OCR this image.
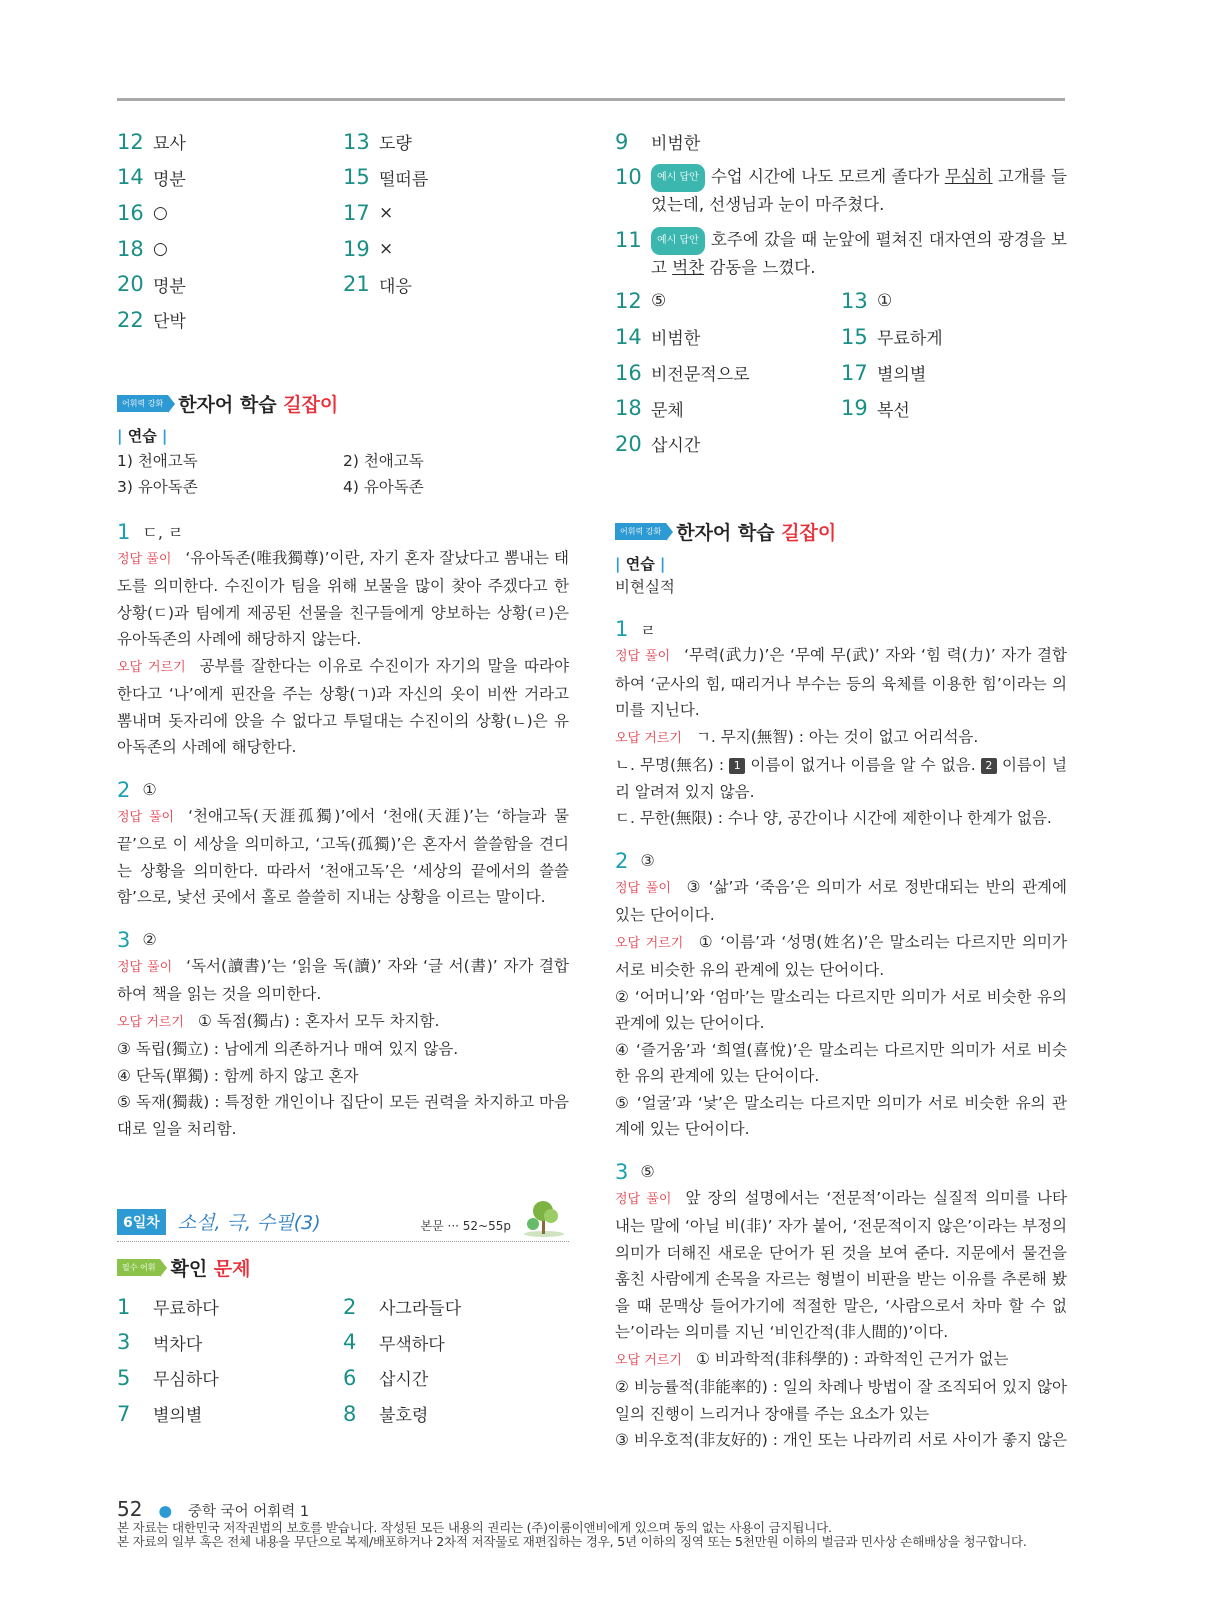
12 묘사	13 도량
14 명분	15 떨떠름
16 ○	17 ×
18 ○	19 ×
20 명분	21 대응
22 단박
어휘력 강화 한자어 학습 길잡이
| 연습 |
1) 천애고독	2) 천애고독
3) 유아독존	4) 유아독존
1 ㄷ, ㄹ
정답 풀이 ‘유아독존(唯我獨尊)’이란, 자기 혼자 잘났다고 뽐내는 태도를 의미한다. 수진이가 팀을 위해 보물을 많이 찾아 주겠다고 한 상황(ㄷ)과 팀에게 제공된 선물을 친구들에게 양보하는 상황(ㄹ)은 유아독존의 사례에 해당하지 않는다.
오답 거르기 공부를 잘한다는 이유로 수진이가 자기의 말을 따라야 한다고 ‘나’에게 핀잔을 주는 상황(ㄱ)과 자신의 옷이 비싼 거라고 뽐내며 돗자리에 앉을 수 없다고 투덜대는 수진이의 상황(ㄴ)은 유아독존의 사례에 해당한다.
2 ①
정답 풀이 ‘천애고독(天涯孤獨)’에서 ‘천애(天涯)’는 ‘하늘과 물끝’으로 이 세상을 의미하고, ‘고독(孤獨)’은 혼자서 쓸쓸함을 견디는 상황을 의미한다. 따라서 ‘천애고독’은 ‘세상의 끝에서의 쓸쓸함’으로, 낯선 곳에서 홀로 쓸쓸히 지내는 상황을 이르는 말이다.
3 ②
정답 풀이 ‘독서(讀書)’는 ‘읽을 독(讀)’ 자와 ‘글 서(書)’ 자가 결합하여 책을 읽는 것을 의미한다.
오답 거르기 ① 독점(獨占) : 혼자서 모두 차지함.
③ 독립(獨立) : 남에게 의존하거나 매여 있지 않음.
④ 단독(單獨) : 함께 하지 않고 혼자
⑤ 독재(獨裁) : 특정한 개인이나 집단이 모든 권력을 차지하고 마음대로 일을 처리함.
6일차 소설, 극, 수필(3)	본문 ··· 52~55p
필수 어휘 확인 문제
1	무료하다	2	사그라들다
3	벅차다	4	무색하다
5	무심하다	6	삽시간
7	별의별	8	불호령
9	비범한
10	예시 답안 수업 시간에 나도 모르게 졸다가 무심히 고개를 들었는데, 선생님과 눈이 마주쳤다.
11	예시 답안 호주에 갔을 때 눈앞에 펼쳐진 대자연의 광경을 보고 벅찬 감동을 느꼈다.
12 ⑤	13 ①
14 비범한	15 무료하게
16 비전문적으로	17 별의별
18 문체	19 복선
20 삽시간
어휘력 강화 한자어 학습 길잡이
| 연습 |
비현실적
1 ㄹ
정답 풀이 ‘무력(武力)’은 ‘무예 무(武)’ 자와 ‘힘 력(力)’ 자가 결합하여 ‘군사의 힘, 때리거나 부수는 등의 육체를 이용한 힘’이라는 의미를 지닌다.
오답 거르기 ㄱ. 무지(無智) : 아는 것이 없고 어리석음.
ㄴ. 무명(無名) : 1 이름이 없거나 이름을 알 수 없음. 2 이름이 널리 알려져 있지 않음.
ㄷ. 무한(無限) : 수나 양, 공간이나 시간에 제한이나 한계가 없음.
2 ③
정답 풀이 ③ ‘삶’과 ‘죽음’은 의미가 서로 정반대되는 반의 관계에 있는 단어이다.
오답 거르기 ① ‘이름’과 ‘성명(姓名)’은 말소리는 다르지만 의미가 서로 비슷한 유의 관계에 있는 단어이다.
② ‘어머니’와 ‘엄마’는 말소리는 다르지만 의미가 서로 비슷한 유의 관계에 있는 단어이다.
④ ‘즐거움’과 ‘희열(喜悅)’은 말소리는 다르지만 의미가 서로 비슷한 유의 관계에 있는 단어이다.
⑤ ‘얼굴’과 ‘낯’은 말소리는 다르지만 의미가 서로 비슷한 유의 관계에 있는 단어이다.
3 ⑤
정답 풀이 앞 장의 설명에서는 ‘전문적’이라는 실질적 의미를 나타내는 말에 ‘아닐 비(非)’ 자가 붙어, ‘전문적이지 않은’이라는 부정의 의미가 더해진 새로운 단어가 된 것을 보여 준다. 지문에서 물건을 훔친 사람에게 손목을 자르는 형벌이 비판을 받는 이유를 추론해 봤을 때 문맥상 들어가기에 적절한 말은, ‘사람으로서 차마 할 수 없는’이라는 의미를 지닌 ‘비인간적(非人間的)’이다.
오답 거르기 ① 비과학적(非科學的) : 과학적인 근거가 없는
② 비능률적(非能率的) : 일의 차례나 방법이 잘 조직되어 있지 않아 일의 진행이 느리거나 장애를 주는 요소가 있는
③ 비우호적(非友好的) : 개인 또는 나라끼리 서로 사이가 좋지 않은
52 ● 중학 국어 어휘력 1
본 자료는 대한민국 저작권법의 보호를 받습니다. 작성된 모든 내용의 권리는 (주)이룸이앤비에게 있으며 동의 없는 사용이 금지됩니다.
본 자료의 일부 혹은 전체 내용을 무단으로 복제/배포하거나 2차적 저작물로 재편집하는 경우, 5년 이하의 징역 또는 5천만원 이하의 벌금과 민사상 손해배상을 청구합니다.
